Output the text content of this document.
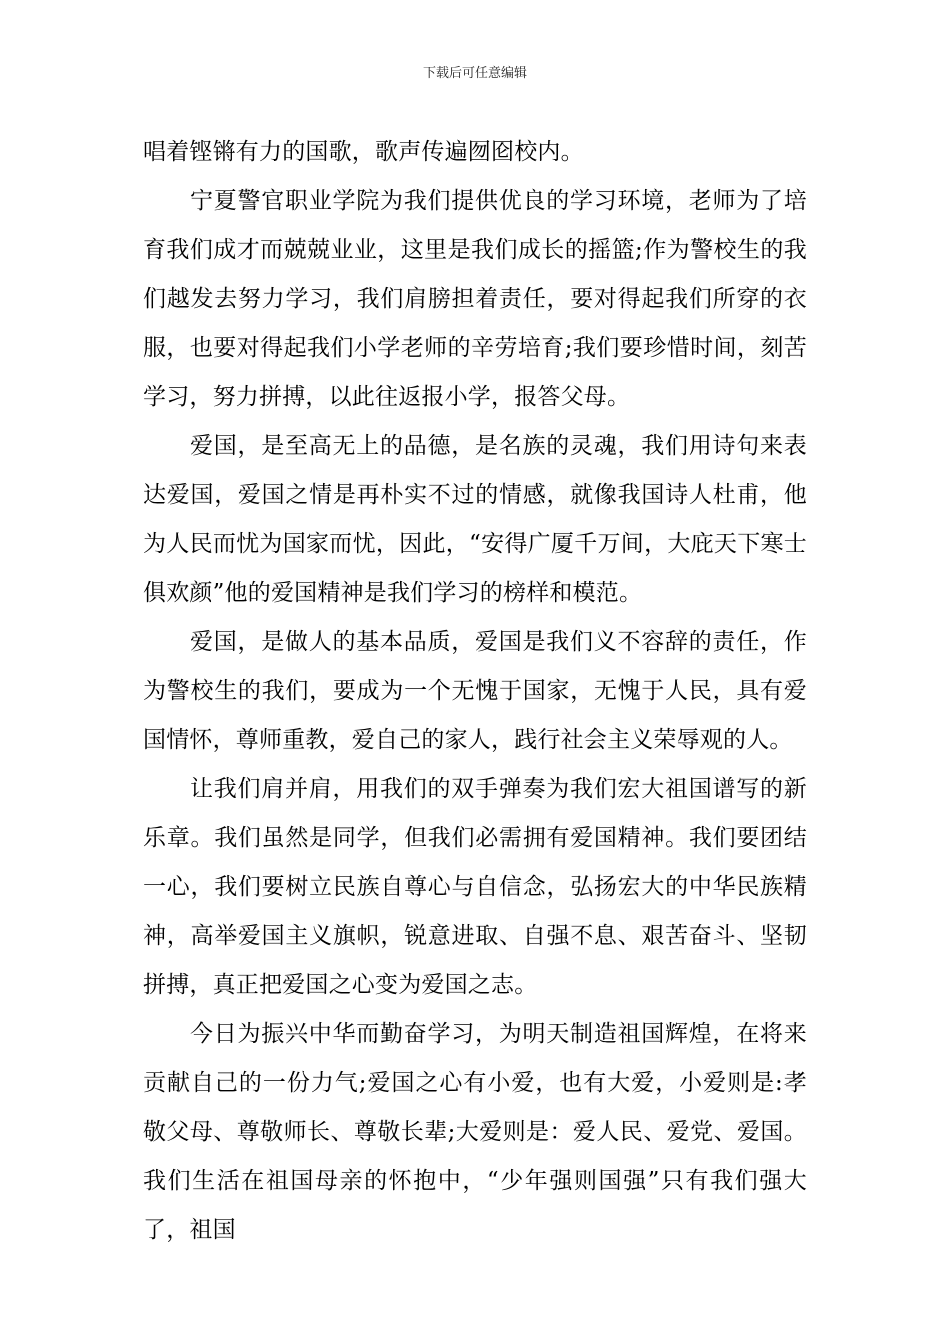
下载后可任意编辑

唱着铿锵有力的国歌，歌声传遍囫囵校内。

宁夏警官职业学院为我们提供优良的学习环境，老师为了培育我们成才而兢兢业业，这里是我们成长的摇篮;作为警校生的我们越发去努力学习，我们肩膀担着责任，要对得起我们所穿的衣服，也要对得起我们小学老师的辛劳培育;我们要珍惜时间，刻苦学习，努力拼搏，以此往返报小学，报答父母。

爱国，是至高无上的品德，是名族的灵魂，我们用诗句来表达爱国，爱国之情是再朴实不过的情感，就像我国诗人杜甫，他为人民而忧为国家而忧，因此，“安得广厦千万间，大庇天下寒士俱欢颜”他的爱国精神是我们学习的榜样和模范。

爱国，是做人的基本品质，爱国是我们义不容辞的责任，作为警校生的我们，要成为一个无愧于国家，无愧于人民，具有爱国情怀，尊师重教，爱自己的家人，践行社会主义荣辱观的人。

让我们肩并肩，用我们的双手弹奏为我们宏大祖国谱写的新乐章。我们虽然是同学，但我们必需拥有爱国精神。我们要团结一心，我们要树立民族自尊心与自信念，弘扬宏大的中华民族精神，高举爱国主义旗帜，锐意进取、自强不息、艰苦奋斗、坚韧拼搏，真正把爱国之心变为爱国之志。

今日为振兴中华而勤奋学习，为明天制造祖国辉煌，在将来贡献自己的一份力气;爱国之心有小爱，也有大爱，小爱则是:孝敬父母、尊敬师长、尊敬长辈;大爱则是：爱人民、爱党、爱国。我们生活在祖国母亲的怀抱中，“少年强则国强”只有我们强大了，祖国
